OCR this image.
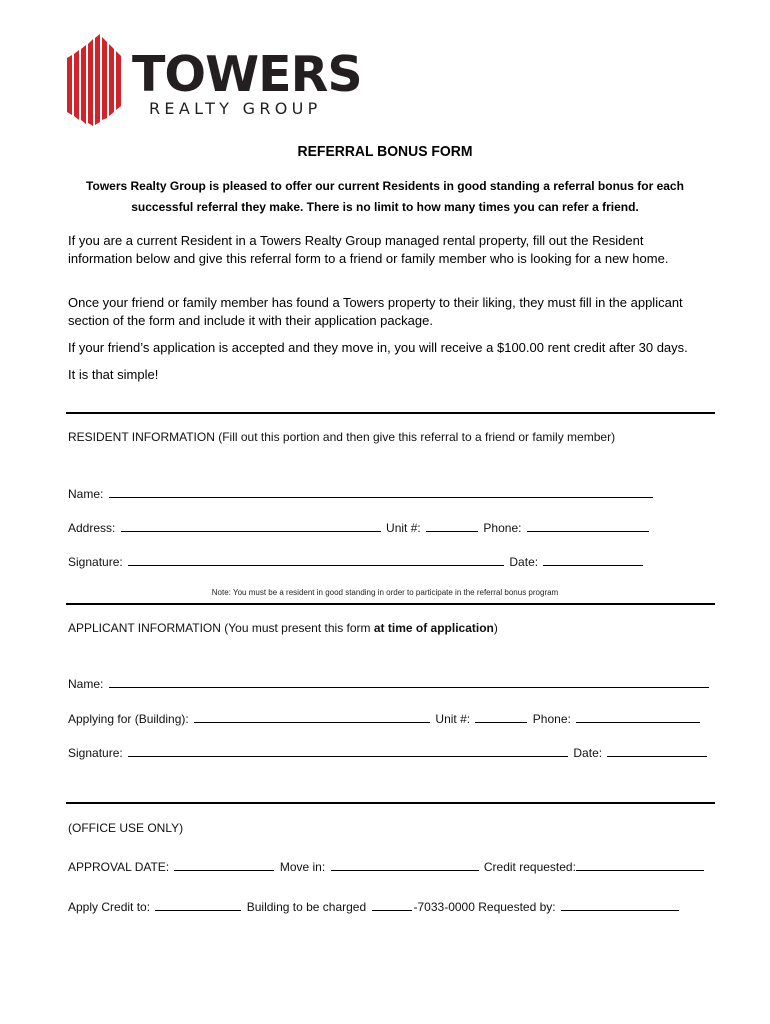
TOWERS
REALTY GROUP
REFERRAL BONUS FORM
Towers Realty Group is pleased to offer our current Residents in good standing a referral bonus for each
successful referral they make. There is no limit to how many times you can refer a friend.
If you are a current Resident in a Towers Realty Group managed rental property, fill out the Resident
information below and give this referral form to a friend or family member who is looking for a new home.
Once your friend or family member has found a Towers property to their liking, they must fill in the applicant
section of the form and include it with their application package.
If your friend’s application is accepted and they move in, you will receive a $100.00 rent credit after 30 days.
It is that simple!
RESIDENT INFORMATION (Fill out this portion and then give this referral to a friend or family member)
Name:
Address:	Unit #:	Phone:
Signature:	Date:
Note: You must be a resident in good standing in order to participate in the referral bonus program
APPLICANT INFORMATION (You must present this form at time of application)
Name:
Applying for (Building):	Unit #:	Phone:
Signature:	Date:
(OFFICE USE ONLY)
APPROVAL DATE:	Move in:	Credit requested:
Apply Credit to:	Building to be charged	-7033-0000 Requested by:
